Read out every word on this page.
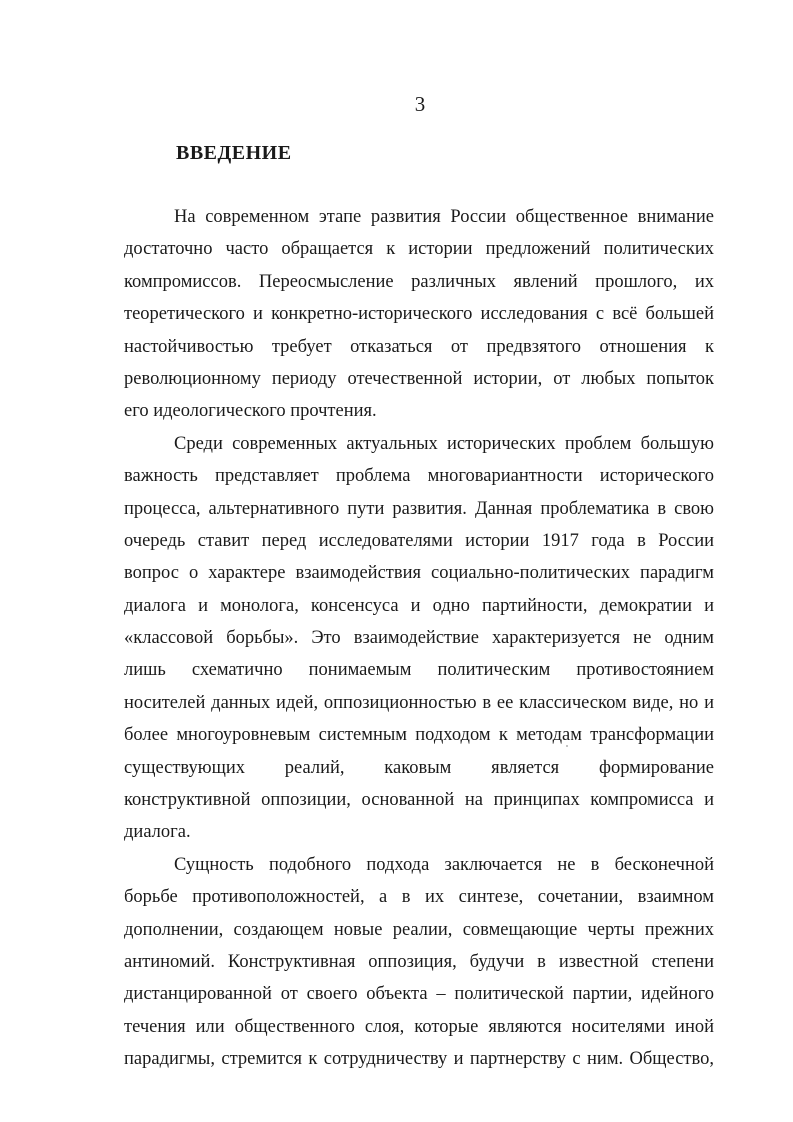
3
ВВЕДЕНИЕ
На современном этапе развития России общественное внимание
достаточно часто обращается к истории предложений политических
компромиссов. Переосмысление различных явлений прошлого, их
теоретического и конкретно-исторического исследования с всё большей
настойчивостью требует отказаться от предвзятого отношения к
революционному периоду отечественной истории, от любых попыток
его идеологического прочтения.
Среди современных актуальных исторических проблем большую
важность представляет проблема многовариантности исторического
процесса, альтернативного пути развития. Данная проблематика в свою
очередь ставит перед исследователями истории 1917 года в России
вопрос о характере взаимодействия социально-политических парадигм
диалога и монолога, консенсуса и одно партийности, демократии и
«классовой борьбы». Это взаимодействие характеризуется не одним
лишь схематично понимаемым политическим противостоянием
носителей данных идей, оппозиционностью в ее классическом виде, но и
более многоуровневым системным подходом к методам трансформации
существующих реалий, каковым является формирование
конструктивной оппозиции, основанной на принципах компромисса и
диалога.
Сущность подобного подхода заключается не в бесконечной
борьбе противоположностей, а в их синтезе, сочетании, взаимном
дополнении, создающем новые реалии, совмещающие черты прежних
антиномий. Конструктивная оппозиция, будучи в известной степени
дистанцированной от своего объекта – политической партии, идейного
течения или общественного слоя, которые являются носителями иной
парадигмы, стремится к сотрудничеству и партнерству с ним. Общество,
